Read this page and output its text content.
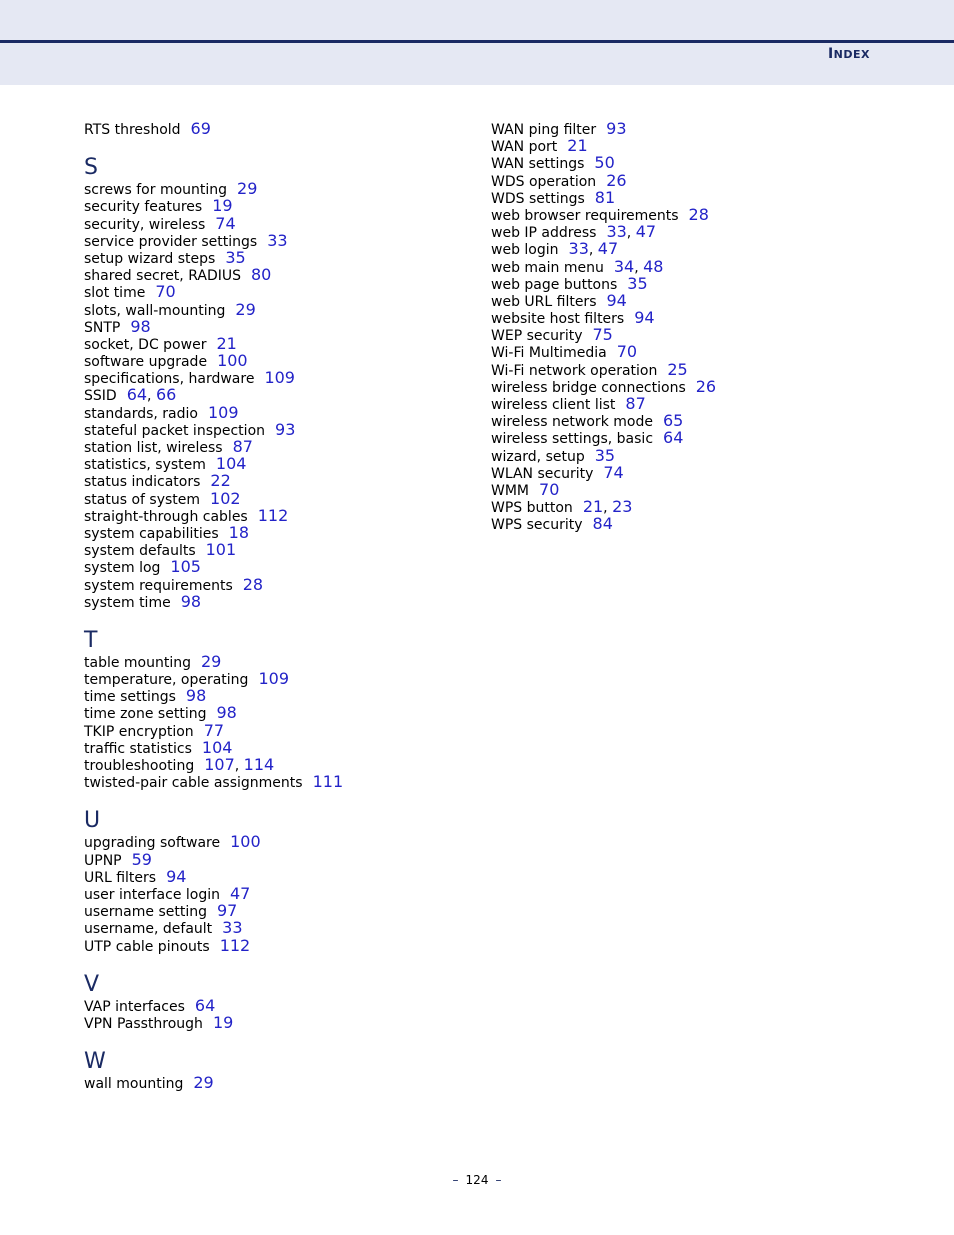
INDEX
RTS threshold 69
S
screws for mounting 29
security features 19
security, wireless 74
service provider settings 33
setup wizard steps 35
shared secret, RADIUS 80
slot time 70
slots, wall-mounting 29
SNTP 98
socket, DC power 21
software upgrade 100
specifications, hardware 109
SSID 64, 66
standards, radio 109
stateful packet inspection 93
station list, wireless 87
statistics, system 104
status indicators 22
status of system 102
straight-through cables 112
system capabilities 18
system defaults 101
system log 105
system requirements 28
system time 98
T
table mounting 29
temperature, operating 109
time settings 98
time zone setting 98
TKIP encryption 77
traffic statistics 104
troubleshooting 107, 114
twisted-pair cable assignments 111
U
upgrading software 100
UPNP 59
URL filters 94
user interface login 47
username setting 97
username, default 33
UTP cable pinouts 112
V
VAP interfaces 64
VPN Passthrough 19
W
wall mounting 29
WAN ping filter 93
WAN port 21
WAN settings 50
WDS operation 26
WDS settings 81
web browser requirements 28
web IP address 33, 47
web login 33, 47
web main menu 34, 48
web page buttons 35
web URL filters 94
website host filters 94
WEP security 75
Wi-Fi Multimedia 70
Wi-Fi network operation 25
wireless bridge connections 26
wireless client list 87
wireless network mode 65
wireless settings, basic 64
wizard, setup 35
WLAN security 74
WMM 70
WPS button 21, 23
WPS security 84
– 124 –
